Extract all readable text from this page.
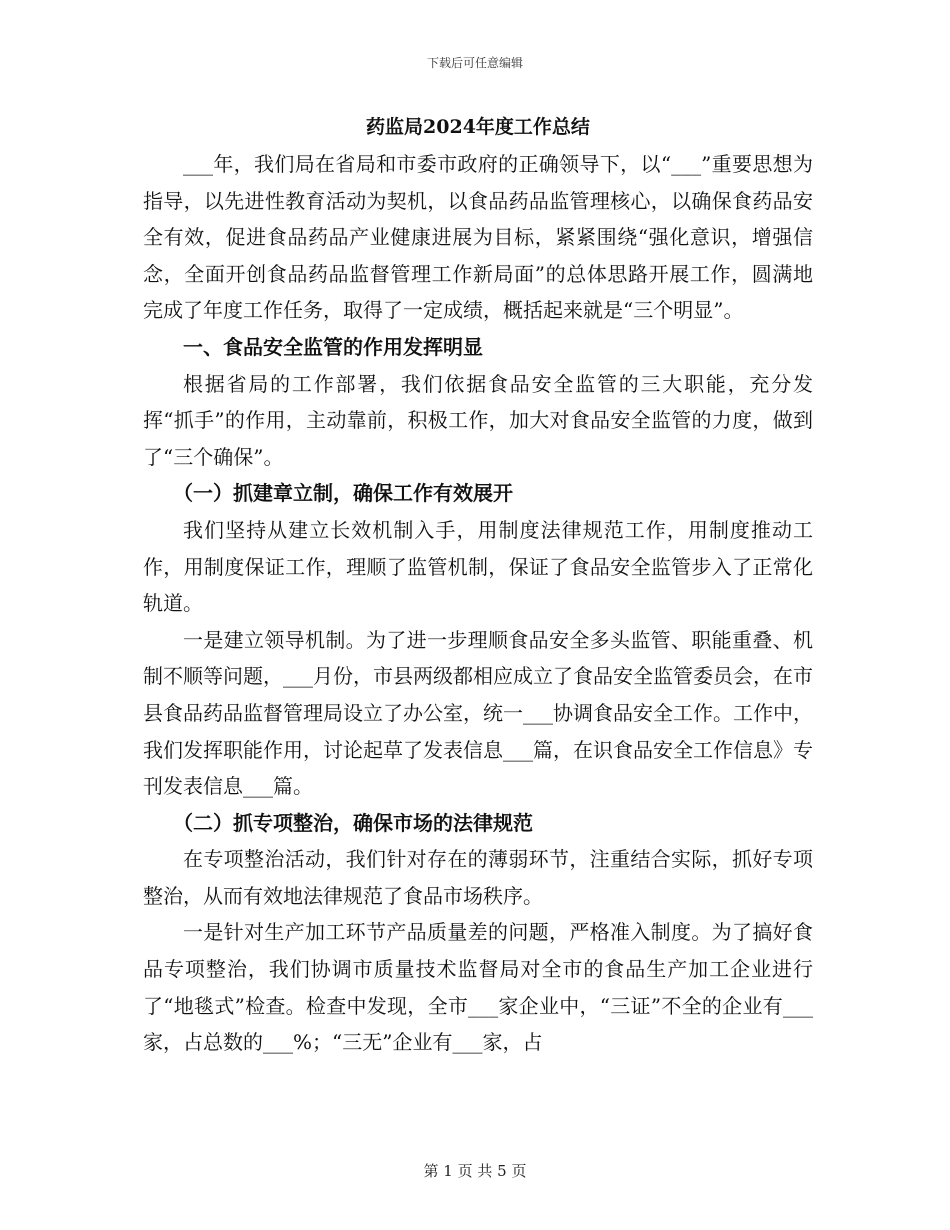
下载后可任意编辑
药监局2024年度工作总结

___年，我们局在省局和市委市政府的正确领导下，以“___”重要思想为指导，以先进性教育活动为契机，以食品药品监管理核心，以确保食药品安全有效，促进食品药品产业健康进展为目标，紧紧围绕“强化意识，增强信念，全面开创食品药品监督管理工作新局面”的总体思路开展工作，圆满地完成了年度工作任务，取得了一定成绩，概括起来就是“三个明显”。

一、食品安全监管的作用发挥明显

根据省局的工作部署，我们依据食品安全监管的三大职能，充分发挥“抓手”的作用，主动靠前，积极工作，加大对食品安全监管的力度，做到了“三个确保”。

（一）抓建章立制，确保工作有效展开

我们坚持从建立长效机制入手，用制度法律规范工作，用制度推动工作，用制度保证工作，理顺了监管机制，保证了食品安全监管步入了正常化轨道。

一是建立领导机制。为了进一步理顺食品安全多头监管、职能重叠、机制不顺等问题，___月份，市县两级都相应成立了食品安全监管委员会，在市县食品药品监督管理局设立了办公室，统一___协调食品安全工作。工作中，我们发挥职能作用，讨论起草了发表信息___篇，在识食品安全工作信息》专刊发表信息___篇。

（二）抓专项整治，确保市场的法律规范

在专项整治活动，我们针对存在的薄弱环节，注重结合实际，抓好专项整治，从而有效地法律规范了食品市场秩序。

一是针对生产加工环节产品质量差的问题，严格准入制度。为了搞好食品专项整治，我们协调市质量技术监督局对全市的食品生产加工企业进行了“地毯式”检查。检查中发现，全市___家企业中，“三证”不全的企业有___家，占总数的___%；“三无”企业有___家，占

第 1 页 共 5 页
